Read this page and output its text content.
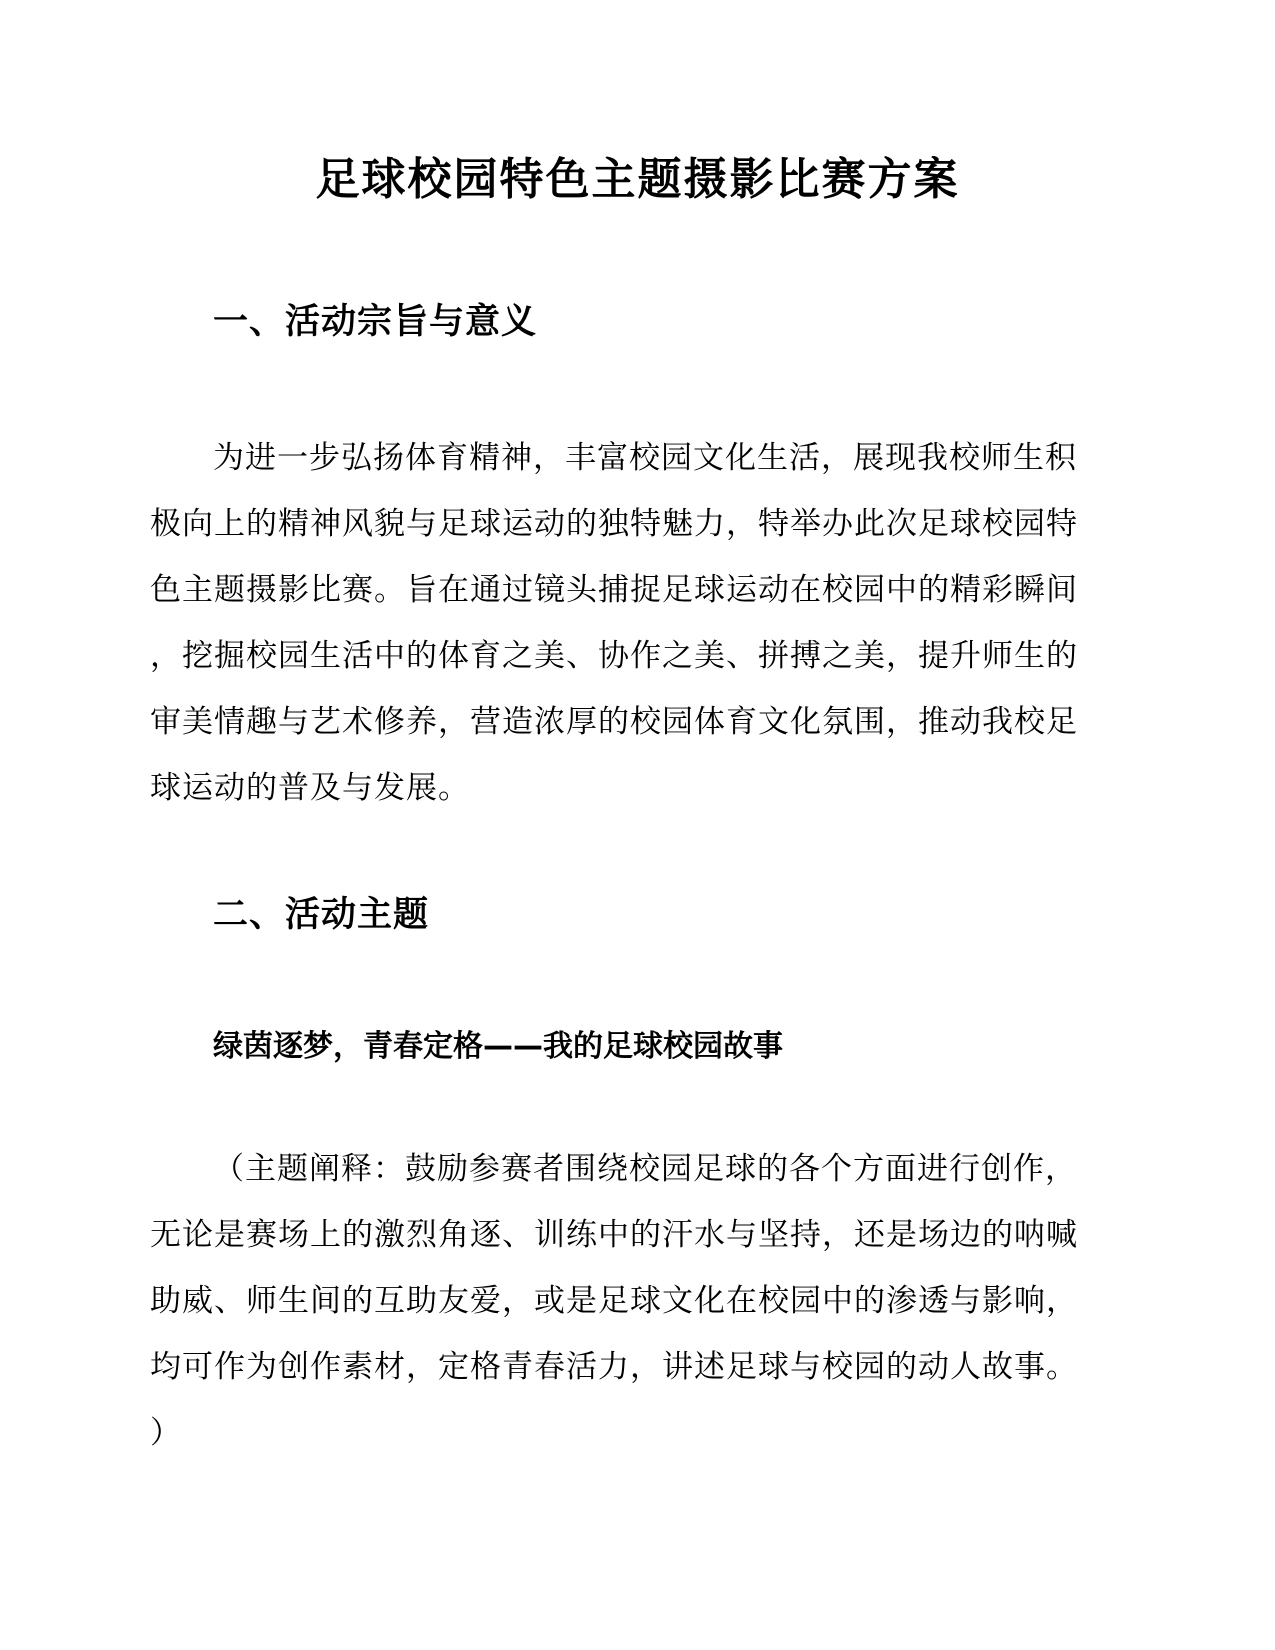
足球校园特色主题摄影比赛方案
一、活动宗旨与意义
为进一步弘扬体育精神，丰富校园文化生活，展现我校师生积
极向上的精神风貌与足球运动的独特魅力，特举办此次足球校园特
色主题摄影比赛。旨在通过镜头捕捉足球运动在校园中的精彩瞬间
，挖掘校园生活中的体育之美、协作之美、拼搏之美，提升师生的
审美情趣与艺术修养，营造浓厚的校园体育文化氛围，推动我校足
球运动的普及与发展。
二、活动主题
绿茵逐梦，青春定格——我的足球校园故事
（主题阐释：鼓励参赛者围绕校园足球的各个方面进行创作，
无论是赛场上的激烈角逐、训练中的汗水与坚持，还是场边的呐喊
助威、师生间的互助友爱，或是足球文化在校园中的渗透与影响，
均可作为创作素材，定格青春活力，讲述足球与校园的动人故事。
）
